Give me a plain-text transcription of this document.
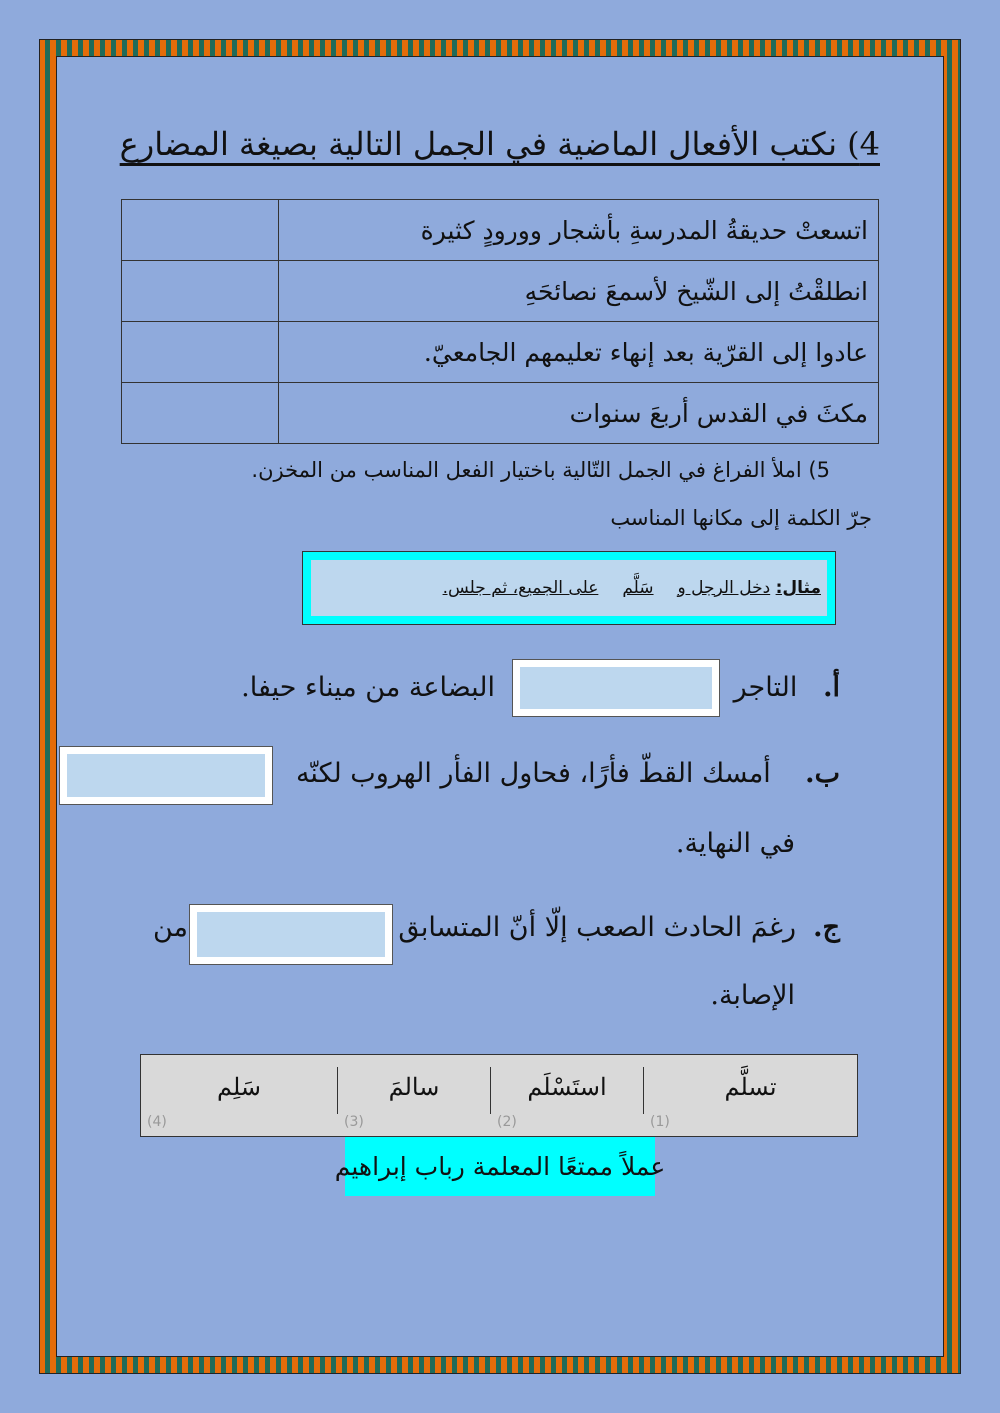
4) نكتب الأفعال الماضية في الجمل التالية بصيغة المضارع
اتسعتْ حديقةُ المدرسةِ بأشجار وورودٍ كثيرة	
انطلقْتُ إلى الشّيخ لأسمعَ نصائحَهِ	
عادوا إلى القرّية بعد إنهاء تعليمهم الجامعيّ.	
مكثَ في القدس أربعَ سنوات	
5) املأ الفراغ في الجمل التّالية باختيار الفعل المناسب من المخزن.
جرّ الكلمة إلى مكانها المناسب
مثال:

دخل الرجل و
سَلَّم
على الجميع، ثم جلس.
أ.   التاجر
البضاعة من ميناء حيفا.
ب.    أمسك القطّ فأرًا، فحاول الفأر الهروب لكنّه
في النهاية.
ج.  رغمَ الحادث الصعب إلّا أنّ المتسابق
من
الإصابة.
تسلَّم
(1)
استَسْلَم
(2)
سالمَ
(3)
سَلِم
(4)
عملاً ممتعًا المعلمة رباب إبراهيم
